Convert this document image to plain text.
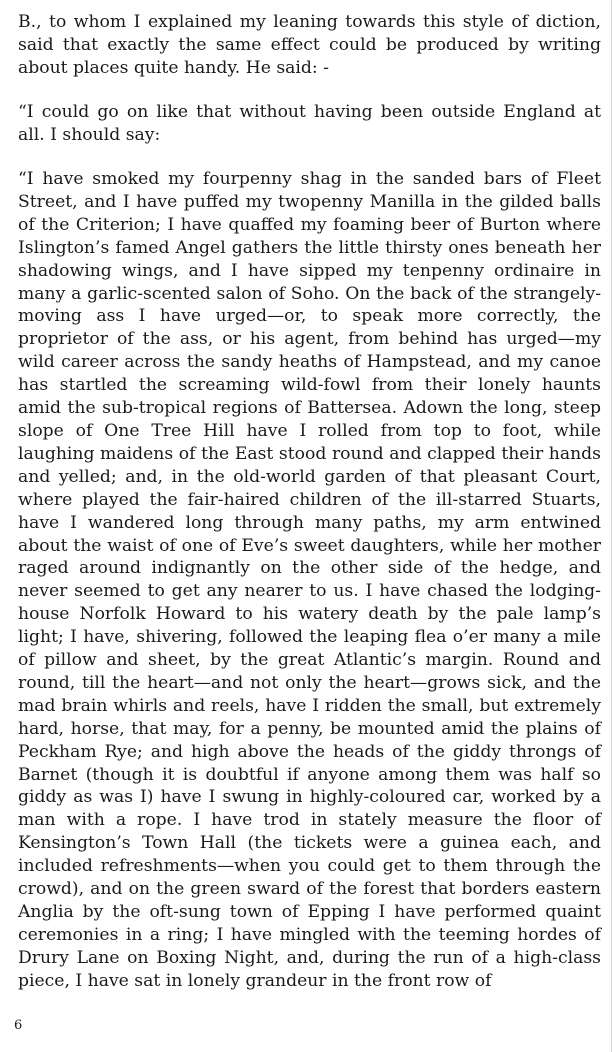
B., to whom I explained my leaning towards this style of diction, said that exactly the same effect could be produced by writing about places quite handy. He said: -

“I could go on like that without having been outside England at all. I should say:

“I have smoked my fourpenny shag in the sanded bars of Fleet Street, and I have puffed my twopenny Manilla in the gilded balls of the Criterion; I have quaffed my foaming beer of Burton where Islington’s famed Angel gathers the little thirsty ones beneath her shadowing wings, and I have sipped my tenpenny ordinaire in many a garlic-scented salon of Soho. On the back of the strangely-moving ass I have urged—or, to speak more correctly, the proprietor of the ass, or his agent, from behind has urged—my wild career across the sandy heaths of Hampstead, and my canoe has startled the screaming wild-fowl from their lonely haunts amid the sub-tropical regions of Battersea. Adown the long, steep slope of One Tree Hill have I rolled from top to foot, while laughing maidens of the East stood round and clapped their hands and yelled; and, in the old-world garden of that pleasant Court, where played the fair-haired children of the ill-starred Stuarts, have I wandered long through many paths, my arm entwined about the waist of one of Eve’s sweet daughters, while her mother raged around indignantly on the other side of the hedge, and never seemed to get any nearer to us. I have chased the lodging-house Norfolk Howard to his watery death by the pale lamp’s light; I have, shivering, followed the leaping flea o’er many a mile of pillow and sheet, by the great Atlantic’s margin. Round and round, till the heart—and not only the heart—grows sick, and the mad brain whirls and reels, have I ridden the small, but extremely hard, horse, that may, for a penny, be mounted amid the plains of Peckham Rye; and high above the heads of the giddy throngs of Barnet (though it is doubtful if anyone among them was half so giddy as was I) have I swung in highly-coloured car, worked by a man with a rope. I have trod in stately measure the floor of Kensington’s Town Hall (the tickets were a guinea each, and included refreshments—when you could get to them through the crowd), and on the green sward of the forest that borders eastern Anglia by the oft-sung town of Epping I have performed quaint ceremonies in a ring; I have mingled with the teeming hordes of Drury Lane on Boxing Night, and, during the run of a high-class piece, I have sat in lonely grandeur in the front row of

6
